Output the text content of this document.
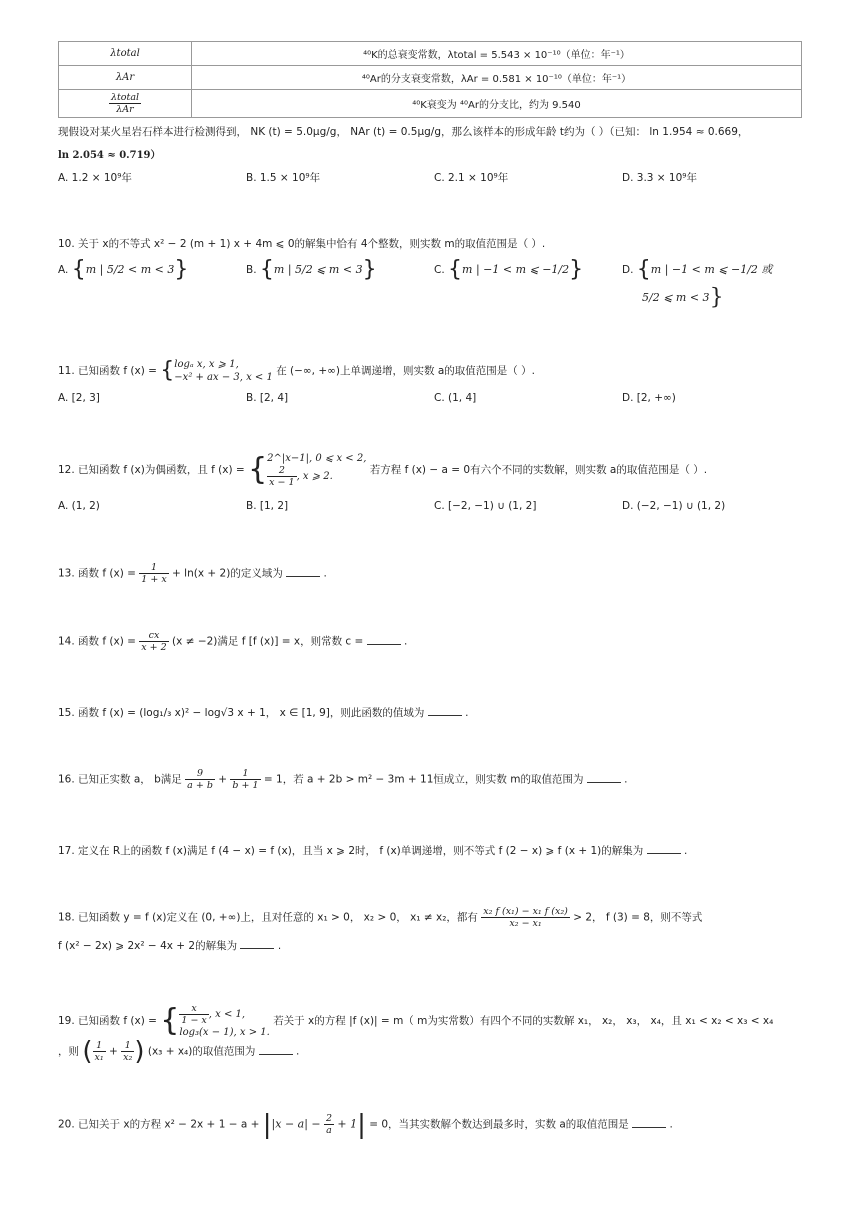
λtotal	⁴⁰K的总衰变常数，λtotal = 5.543 × 10⁻¹⁰（单位：年⁻¹）
λAr	⁴⁰Ar的分支衰变常数，λAr = 0.581 × 10⁻¹⁰（单位：年⁻¹）

$\frac{\text{λtotal}}{\text{λAr}}$	⁴⁰K衰变为 ⁴⁰Ar的分支比，约为 9.540
现假设对某火星岩石样本进行检测得到， NK (t) = 5.0μg/g， NAr (t) = 0.5μg/g，那么该样本的形成年龄 t约为（ ）（已知： ln 1.954 ≈ 0.669，
ln 2.054 ≈ 0.719）
A. 1.2 × 10⁹年	B. 1.5 × 10⁹年	C. 2.1 × 10⁹年	D. 3.3 × 10⁹年
10. 关于 x的不等式 x² − 2 (m + 1) x + 4m ⩽ 0的解集中恰有 4个整数，则实数 m的取值范围是（ ）.
A. {m | 5/2 < m < 3}	B. {m | 5/2 ⩽ m < 3}	C. {m | −1 < m ⩽ −1/2}	D. {m | −1 < m ⩽ −1/2 或
5/2 ⩽ m < 3}
11. 已知函数 f (x) = {logₐ x, x ⩾ 1,
−x² + ax − 3, x < 1 在 (−∞, +∞)上单调递增，则实数 a的取值范围是（ ）.
A. [2, 3]	B. [2, 4]	C. (1, 4]	D. [2, +∞)
12. 已知函数 f (x)为偶函数，且 f (x) = {2^|x−1|, 0 ⩽ x < 2,

$\frac{2}{x - 1}$ , x ⩾ 2. 若方程 f (x) − a = 0有六个不同的实数解，则实数 a的取值范围是（ ）.
A. (1, 2)	B. [1, 2]	C. [−2, −1) ∪ (1, 2]	D. (−2, −1) ∪ (1, 2)
13. 函数 f $(x) = \frac{1}{1 + x} + \ln(x + 2)$的定义域为	.
14. 函数 f $(x) = \frac{cx}{x + 2} (x \ne -2)$满足 f [f (x)] = x，则常数 c =	.
15. 函数 f (x) = (log₁/₃ x)² − log√3 x + 1， x ∈ [1, 9]，则此函数的值域为	.
16. 已知正实数 a， b满足 $\frac{9}{a + b} + \frac{1}{b + 1} = 1$，若 a + 2b > m² − 3m + 11恒成立，则实数 m的取值范围为	.
17. 定义在 R上的函数 f (x)满足 f (4 − x) = f (x)，且当 x ⩾ 2时， f (x)单调递增，则不等式 f (2 − x) ⩾ f (x + 1)的解集为	.
18. 已知函数 y = f (x)定义在 (0, +∞)上，且对任意的 x₁ > 0， x₂ > 0， x₁ ≠ x₂，都有 $\frac{\text{x₂ f (x₁) − x₁ f (x₂)}}{\text{x₂ − x₁}} > 2$， f (3) = 8，则不等式
f (x² − 2x) ⩾ 2x² − 4x + 2的解集为	.
19. 已知函数 f (x) = { $\frac{x}{1 - x}$ , x < 1,
log₃(x − 1), x > 1. 若关于 x的方程 |f (x)| = m（ m为实常数）有四个不同的实数解 x₁， x₂， x₃， x₄，且 x₁ < x₂ < x₃ < x₄
，则 ( $\frac{1}{\text{x₁}} + \frac{1}{\text{x₂}}$ ) (x₃ + x₄)的取值范围为	.
20. 已知关于 x的方程 $x^2 - 2x + 1 - a + ||x - a| - \frac{2}{a} + 1| = 0$，当其实数解个数达到最多时，实数 a的取值范围是	.
